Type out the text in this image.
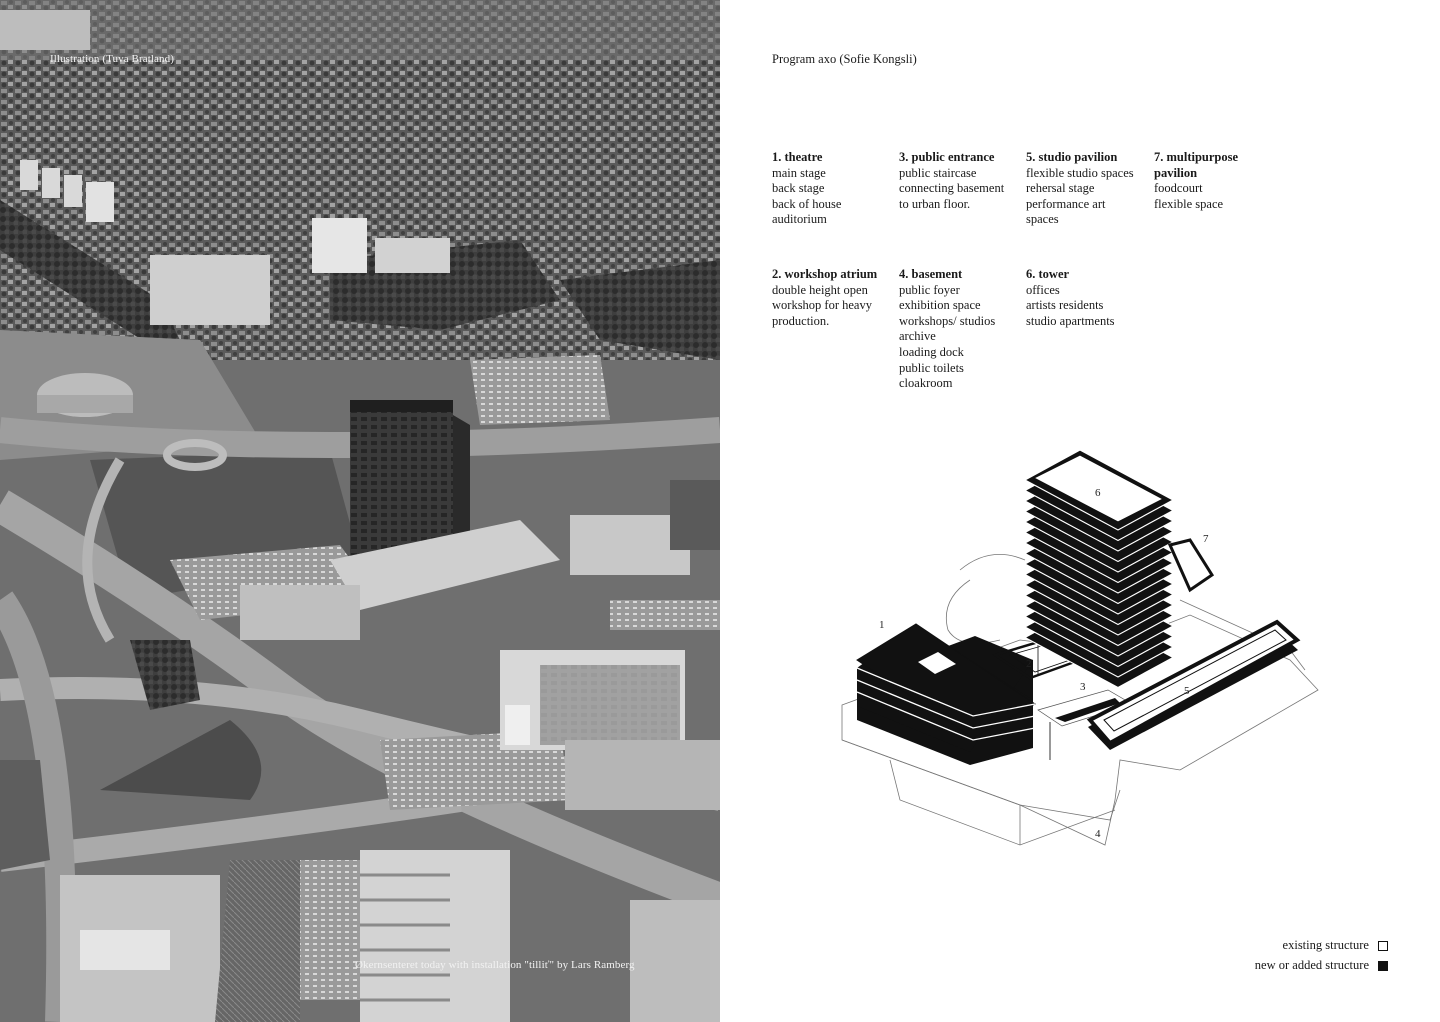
Illustration (Tuva Bratland)
Økernsenteret today with installation "tilliť" by Lars Ramberg
Program axo (Sofie Kongsli)
1. theatre
main stage
back stage
back of house
auditorium
3. public entrance
public staircase
connecting basement
to urban floor.
5. studio pavilion
flexible studio spaces
rehersal stage
performance art
spaces
7. multipurpose pavilion
foodcourt
flexible space
2. workshop atrium
double height open
workshop for heavy
production.
4. basement
public foyer
exhibition space
workshops/ studios
archive
loading dock
public toilets
cloakroom
6. tower
offices
artists residents
studio apartments
1
2
3
4
5
6
7
existing structure
new or added structure
